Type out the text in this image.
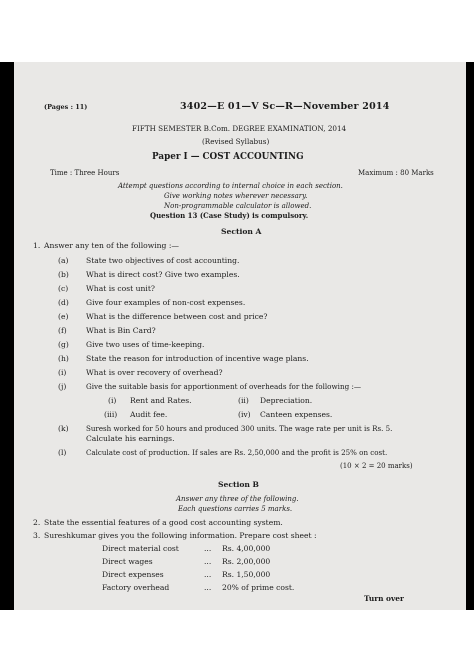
(Pages : 11)	3402—E 01—V Sc—R—November 2014
FIFTH SEMESTER B.Com. DEGREE EXAMINATION, 2014
(Revised Syllabus)
Paper I — COST ACCOUNTING
Time : Three Hours	Maximum : 80 Marks
Attempt questions according to internal choice in each section.
Give working notes wherever necessary.
Non-programmable calculator is allowed.
Question 13 (Case Study) is compulsory.
Section A
1. Answer any ten of the following :—
(a) State two objectives of cost accounting.
(b) What is direct cost? Give two examples.
(c) What is cost unit?
(d) Give four examples of non-cost expenses.
(e) What is the difference between cost and price?
(f)	What is Bin Card?
(g) Give two uses of time-keeping.
(h) State the reason for introduction of incentive wage plans.
(i)	What is over recovery of overhead?
(j)	Give the suitable basis for apportionment of overheads for the following :—
(i) Rent and Rates.	(ii) Depreciation.
(iii) Audit fee.	(iv) Canteen expenses.
(k) Suresh worked for 50 hours and produced 300 units. The wage rate per unit is Rs. 5.
Calculate his earnings.
(l)	Calculate cost of production. If sales are Rs. 2,50,000 and the profit is 25% on cost.
(10 × 2 = 20 marks)
Section B
Answer any three of the following.
Each questions carries 5 marks.
2. State the essential features of a good cost accounting system.
3. Sureshkumar gives you the following information. Prepare cost sheet :
Direct material cost	... Rs. 4,00,000
Direct wages	... Rs. 2,00,000
Direct expenses	... Rs. 1,50,000
Factory overhead	... 20% of prime cost.
Turn over
